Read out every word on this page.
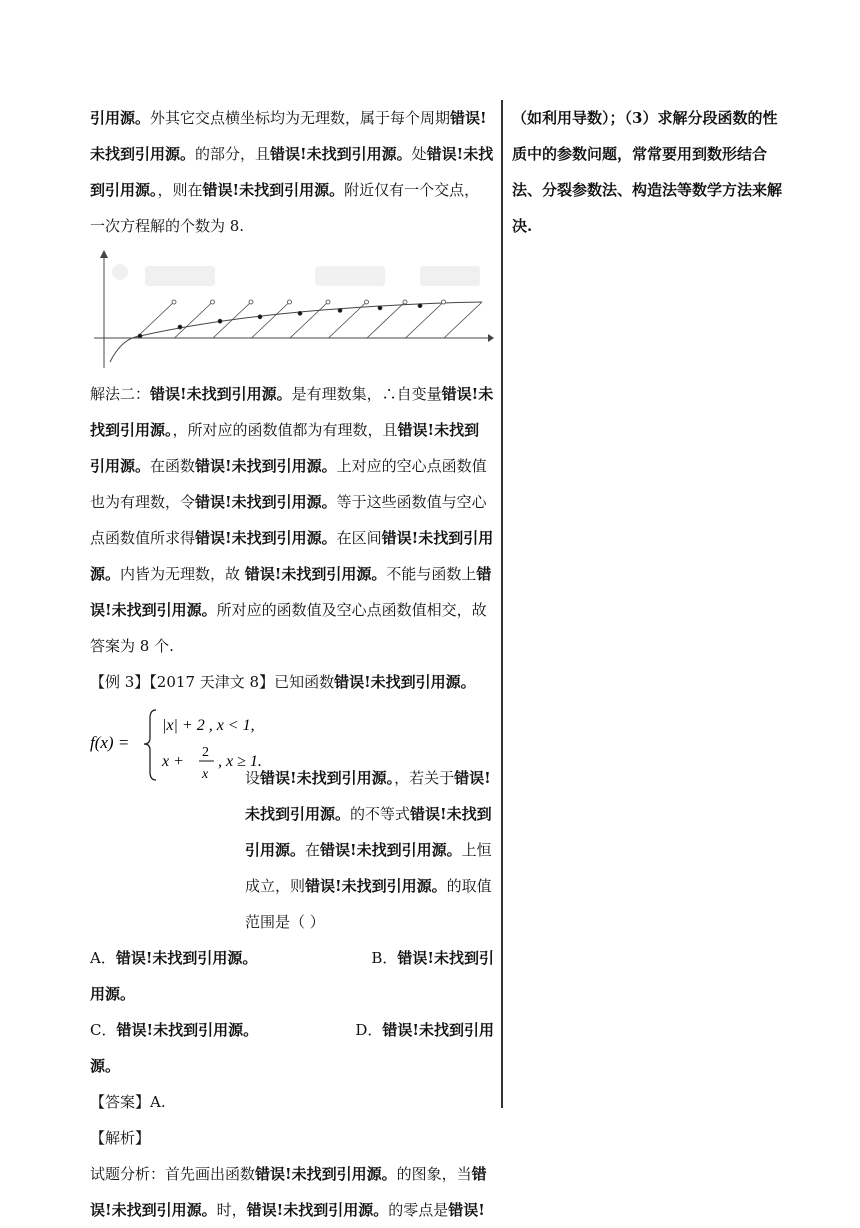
引用源。外其它交点横坐标均为无理数，属于每个周期错误!未找到引用源。的部分，且错误!未找到引用源。处错误!未找到引用源。，则在错误!未找到引用源。附近仅有一个交点，一次方程解的个数为 8.

解法二：错误!未找到引用源。是有理数集，∴自变量错误!未找到引用源。，所对应的函数值都为有理数，且错误!未找到引用源。在函数错误!未找到引用源。上对应的空心点函数值也为有理数，令错误!未找到引用源。等于这些函数值与空心点函数值所求得错误!未找到引用源。在区间错误!未找到引用源。内皆为无理数，故 错误!未找到引用源。不能与函数上错误!未找到引用源。所对应的函数值及空心点函数值相交，故答案为 8 个.

【例 3】【2017 天津文 8】已知函数错误!未找到引用源。

f(x) =
|x| + 2 , x < 1,
x +
2
x
, x ≥ 1.

设错误!未找到引用源。，若关于错误!未找到引用源。的不等式错误!未找到引用源。在错误!未找到引用源。上恒成立，则错误!未找到引用源。的取值范围是（ ）

A．错误!未找到引用源。	B．错误!未找到引

用源。

C．错误!未找到引用源。	D．错误!未找到引用

源。

【答案】A.

【解析】

试题分析：首先画出函数错误!未找到引用源。的图象，当错误!未找到引用源。时，错误!未找到引用源。的零点是错误!

（如利用导数）；（3）求解分段函数的性质中的参数问题，常常要用到数形结合法、分裂参数法、构造法等数学方法来解决.
